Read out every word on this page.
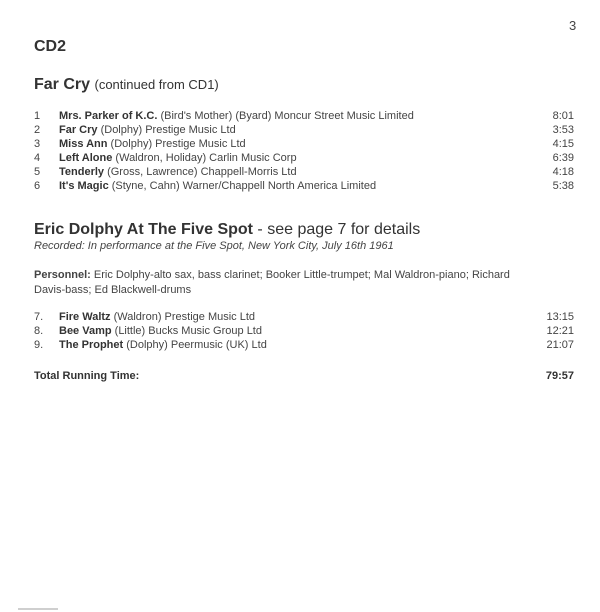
3
CD2
Far Cry (continued from CD1)
1 Mrs. Parker of K.C. (Bird's Mother) (Byard) Moncur Street Music Limited	8:01
2 Far Cry (Dolphy) Prestige Music Ltd	3:53
3 Miss Ann (Dolphy) Prestige Music Ltd	4:15
4 Left Alone (Waldron, Holiday) Carlin Music Corp	6:39
5 Tenderly (Gross, Lawrence) Chappell-Morris Ltd	4:18
6 It's Magic (Styne, Cahn) Warner/Chappell North America Limited	5:38
Eric Dolphy At The Five Spot - see page 7 for details
Recorded: In performance at the Five Spot, New York City, July 16th 1961
Personnel: Eric Dolphy-alto sax, bass clarinet; Booker Little-trumpet; Mal Waldron-piano; Richard Davis-bass; Ed Blackwell-drums
7. Fire Waltz (Waldron) Prestige Music Ltd	13:15
8. Bee Vamp (Little) Bucks Music Group Ltd	12:21
9. The Prophet (Dolphy) Peermusic (UK) Ltd	21:07
Total Running Time:	79:57
